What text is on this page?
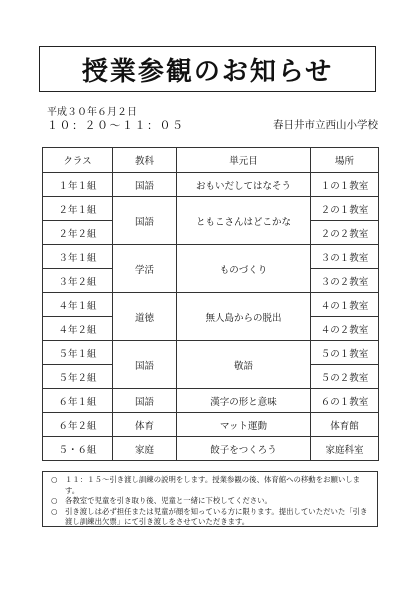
授業参観のお知らせ
平成３０年６月２日
１０：２０～１１：０５	春日井市立西山小学校
クラス	教科	単元目	場所
１年１組	国語	おもいだしてはなそう	１の１教室
２年１組	国語	ともこさんはどこかな	２の１教室
２年２組			２の２教室
３年１組	学活	ものづくり	３の１教室
３年２組			３の２教室
４年１組	道徳	無人島からの脱出	４の１教室
４年２組			４の２教室
５年１組	国語	敬語	５の１教室
５年２組			５の２教室
６年１組	国語	漢字の形と意味	６の１教室
６年２組	体育	マット運動	体育館
５・６組	家庭	餃子をつくろう	家庭科室
○	１１：１５～引き渡し訓練の説明をします。授業参観の後、体育館への移動をお願いします。
○	各教室で児童を引き取り後、児童と一緒に下校してください。
○	引き渡しは必ず担任または児童が顔を知っている方に限ります。提出していただいた「引き渡し訓練出欠票」にて引き渡しをさせていただきます。
